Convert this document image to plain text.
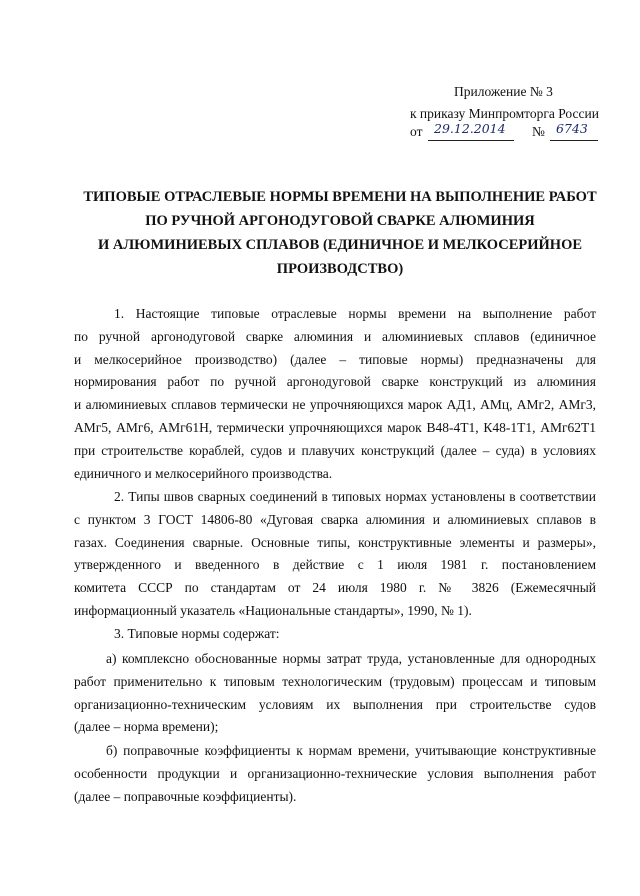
Приложение № 3
к приказу Минпромторга России
от 29.12.2014 № 6743
ТИПОВЫЕ ОТРАСЛЕВЫЕ НОРМЫ ВРЕМЕНИ НА ВЫПОЛНЕНИЕ РАБОТ
ПО РУЧНОЙ АРГОНОДУГОВОЙ СВАРКЕ АЛЮМИНИЯ
И АЛЮМИНИЕВЫХ СПЛАВОВ (ЕДИНИЧНОЕ И МЕЛКОСЕРИЙНОЕ
ПРОИЗВОДСТВО)
1. Настоящие типовые отраслевые нормы времени на выполнение работ
по ручной аргонодуговой сварке алюминия и алюминиевых сплавов (единичное
и мелкосерийное производство) (далее – типовые нормы) предназначены для
нормирования работ по ручной аргонодуговой сварке конструкций из алюминия
и алюминиевых сплавов термически не упрочняющихся марок АД1, АМц, АМг2, АМг3,
АМг5, АМг6, АМг61Н, термически упрочняющихся марок В48-4Т1, К48-1Т1, АМг62Т1
при строительстве кораблей, судов и плавучих конструкций (далее – суда) в условиях
единичного и мелкосерийного производства.
2. Типы швов сварных соединений в типовых нормах установлены в соответствии
с пунктом 3 ГОСТ 14806-80 «Дуговая сварка алюминия и алюминиевых сплавов в
газах. Соединения сварные. Основные типы, конструктивные элементы и размеры»,
утвержденного и введенного в действие с 1 июля 1981 г. постановлением
комитета СССР по стандартам от 24 июля 1980 г. № 3826 (Ежемесячный
информационный указатель «Национальные стандарты», 1990, № 1).
3. Типовые нормы содержат:
а) комплексно обоснованные нормы затрат труда, установленные для однородных
работ применительно к типовым технологическим (трудовым) процессам и типовым
организационно-техническим условиям их выполнения при строительстве судов
(далее – норма времени);
б) поправочные коэффициенты к нормам времени, учитывающие конструктивные
особенности продукции и организационно-технические условия выполнения работ
(далее – поправочные коэффициенты).
